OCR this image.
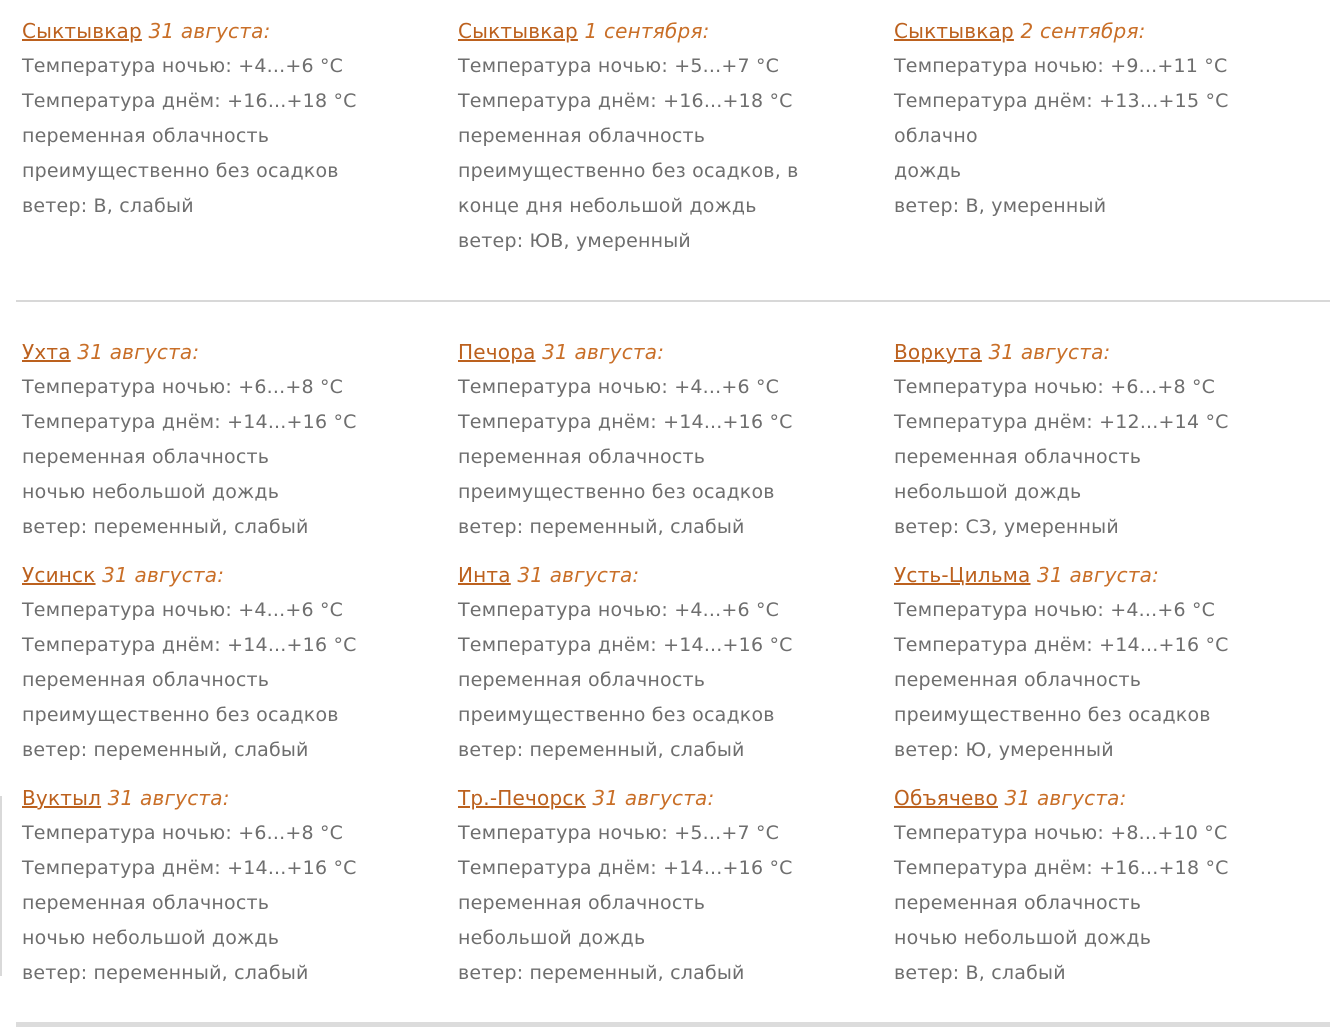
Сыктывкар 31 августа:

Температура ночью: +4...+6 °C

Температура днём: +16...+18 °C

переменная облачность

преимущественно без осадков

ветер: В, слабый

Сыктывкар 1 сентября:

Температура ночью: +5...+7 °C

Температура днём: +16...+18 °C

переменная облачность

преимущественно без осадков, в конце дня небольшой дождь

ветер: ЮВ, умеренный

Сыктывкар 2 сентября:

Температура ночью: +9...+11 °C

Температура днём: +13...+15 °C

облачно

дождь

ветер: В, умеренный

Ухта 31 августа:

Температура ночью: +6...+8 °C

Температура днём: +14...+16 °C

переменная облачность

ночью небольшой дождь

ветер: переменный, слабый

Печора 31 августа:

Температура ночью: +4...+6 °C

Температура днём: +14...+16 °C

переменная облачность

преимущественно без осадков

ветер: переменный, слабый

Воркута 31 августа:

Температура ночью: +6...+8 °C

Температура днём: +12...+14 °C

переменная облачность

небольшой дождь

ветер: СЗ, умеренный

Усинск 31 августа:

Температура ночью: +4...+6 °C

Температура днём: +14...+16 °C

переменная облачность

преимущественно без осадков

ветер: переменный, слабый

Инта 31 августа:

Температура ночью: +4...+6 °C

Температура днём: +14...+16 °C

переменная облачность

преимущественно без осадков

ветер: переменный, слабый

Усть-Цильма 31 августа:

Температура ночью: +4...+6 °C

Температура днём: +14...+16 °C

переменная облачность

преимущественно без осадков

ветер: Ю, умеренный

Вуктыл 31 августа:

Температура ночью: +6...+8 °C

Температура днём: +14...+16 °C

переменная облачность

ночью небольшой дождь

ветер: переменный, слабый

Тр.-Печорск 31 августа:

Температура ночью: +5...+7 °C

Температура днём: +14...+16 °C

переменная облачность

небольшой дождь

ветер: переменный, слабый

Объячево 31 августа:

Температура ночью: +8...+10 °C

Температура днём: +16...+18 °C

переменная облачность

ночью небольшой дождь

ветер: В, слабый
